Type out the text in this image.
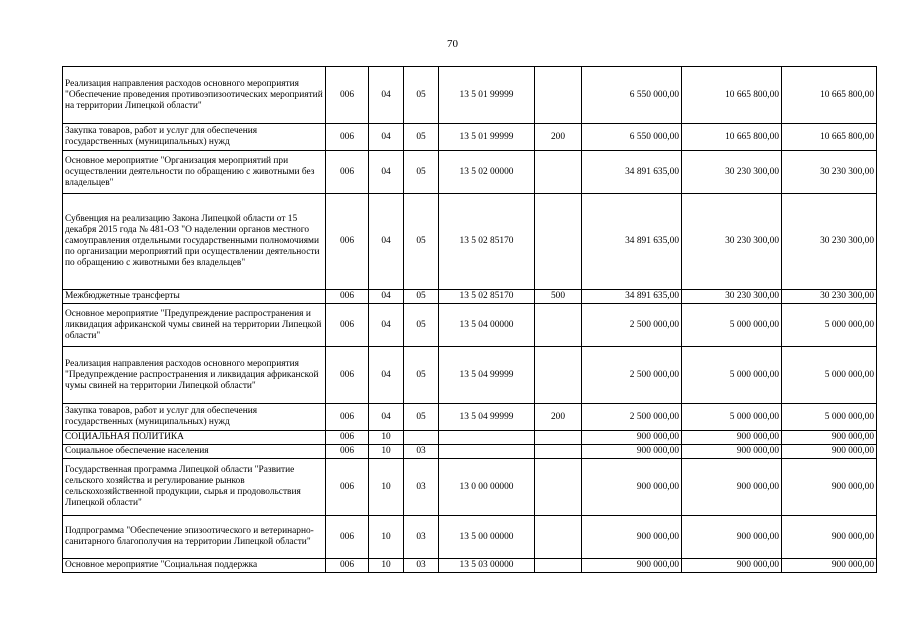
70
Реализация направления расходов основного мероприятия "Обеспечение проведения противоэпизоотических мероприятий на территории Липецкой области"	006	04	05	13 5 01 99999		6 550 000,00	10 665 800,00	10 665 800,00
Закупка товаров, работ и услуг для обеспечения государственных (муниципальных) нужд	006	04	05	13 5 01 99999	200	6 550 000,00	10 665 800,00	10 665 800,00
Основное мероприятие "Организация мероприятий при осуществлении деятельности по обращению с животными без владельцев"	006	04	05	13 5 02 00000		34 891 635,00	30 230 300,00	30 230 300,00
Субвенция на реализацию Закона Липецкой области от 15 декабря 2015 года № 481-ОЗ "О наделении органов местного самоуправления отдельными государственными полномочиями по организации мероприятий при осуществлении деятельности по обращению с животными без владельцев"	006	04	05	13 5 02 85170		34 891 635,00	30 230 300,00	30 230 300,00
Межбюджетные трансферты	006	04	05	13 5 02 85170	500	34 891 635,00	30 230 300,00	30 230 300,00
Основное мероприятие "Предупреждение распространения и ликвидация африканской чумы свиней на территории Липецкой области"	006	04	05	13 5 04 00000		2 500 000,00	5 000 000,00	5 000 000,00
Реализация направления расходов основного мероприятия "Предупреждение распространения и ликвидация африканской чумы свиней на территории Липецкой области"	006	04	05	13 5 04 99999		2 500 000,00	5 000 000,00	5 000 000,00
Закупка товаров, работ и услуг для обеспечения государственных (муниципальных) нужд	006	04	05	13 5 04 99999	200	2 500 000,00	5 000 000,00	5 000 000,00
СОЦИАЛЬНАЯ ПОЛИТИКА	006	10				900 000,00	900 000,00	900 000,00
Социальное обеспечение населения	006	10	03			900 000,00	900 000,00	900 000,00
Государственная программа Липецкой области "Развитие сельского хозяйства и регулирование рынков сельскохозяйственной продукции, сырья и продовольствия Липецкой области"	006	10	03	13 0 00 00000		900 000,00	900 000,00	900 000,00
Подпрограмма "Обеспечение эпизоотического и ветеринарно-санитарного благополучия на территории Липецкой области"	006	10	03	13 5 00 00000		900 000,00	900 000,00	900 000,00
Основное мероприятие "Социальная поддержка	006	10	03	13 5 03 00000		900 000,00	900 000,00	900 000,00
